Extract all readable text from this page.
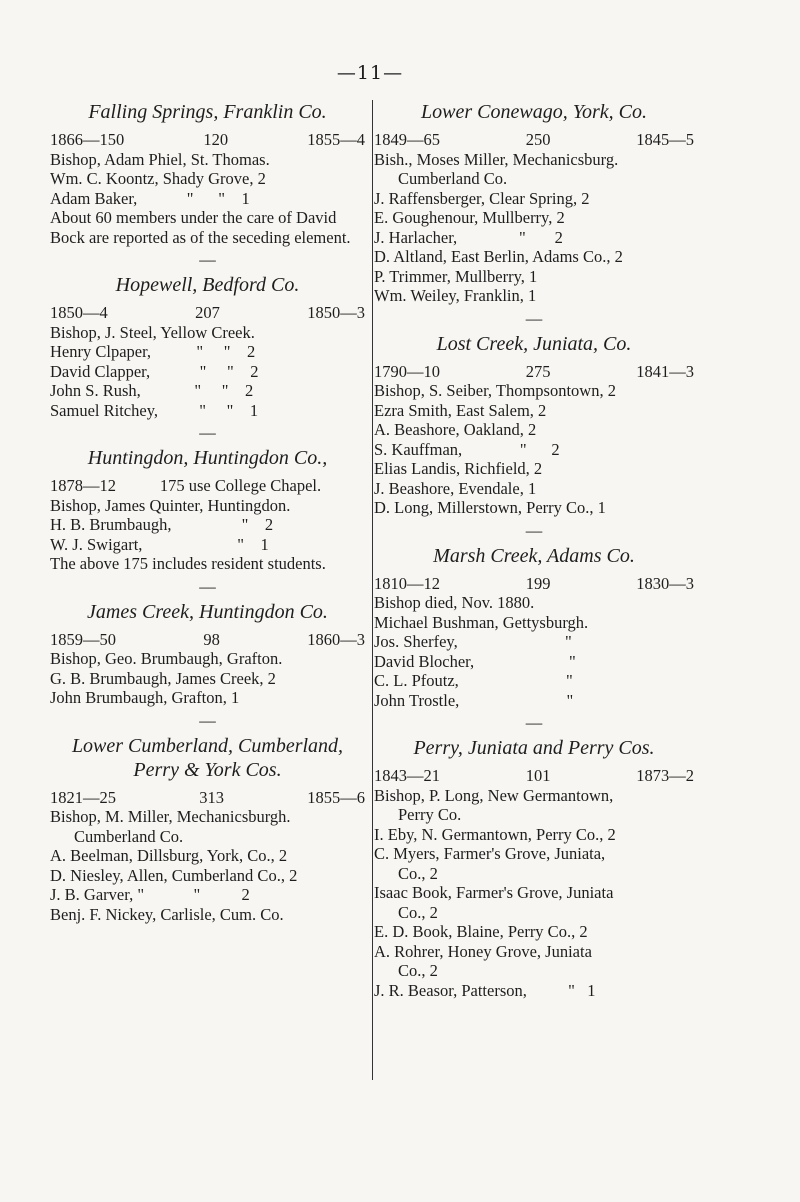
—11—
Falling Springs, Franklin Co.
1866—150	120	1855—4
Bishop, Adam Phiel, St. Thomas.
Wm. C. Koontz, Shady Grove, 2
Adam Baker,            "      "    1
About 60 members under the care of David Bock are reported as of the seceding element.
—
Hopewell, Bedford Co.
1850—4	207	1850—3
Bishop, J. Steel, Yellow Creek.
Henry Clpaper,           "     "    2
David Clapper,            "     "    2
John S. Rush,             "     "    2
Samuel Ritchey,          "     "    1
—
Huntingdon, Huntingdon Co.,
1878—12	175 use College Chapel.
Bishop, James Quinter, Huntingdon.
H. B. Brumbaugh,                 "    2
W. J. Swigart,                       "    1
The above 175 includes resident students.
—
James Creek, Huntingdon Co.
1859—50	98	1860—3
Bishop, Geo. Brumbaugh, Grafton.
G. B. Brumbaugh, James Creek, 2
John Brumbaugh, Grafton, 1
—
Lower Cumberland, Cumberland, Perry & York Cos.
1821—25	313	1855—6
Bishop, M. Miller, Mechanicsburgh.
Cumberland Co.
A. Beelman, Dillsburg, York, Co., 2
D. Niesley, Allen, Cumberland Co., 2
J. B. Garver, "            "          2
Benj. F. Nickey, Carlisle, Cum. Co.
Lower Conewago, York, Co.
1849—65	250	1845—5
Bish., Moses Miller, Mechanicsburg.
Cumberland Co.
J. Raffensberger, Clear Spring, 2
E. Goughenour, Mullberry, 2
J. Harlacher,               "       2
D. Altland, East Berlin, Adams Co., 2
P. Trimmer, Mullberry, 1
Wm. Weiley, Franklin, 1
—
Lost Creek, Juniata, Co.
1790—10	275	1841—3
Bishop, S. Seiber, Thompsontown, 2
Ezra Smith, East Salem, 2
A. Beashore, Oakland, 2
S. Kauffman,              "      2
Elias Landis, Richfield, 2
J. Beashore, Evendale, 1
D. Long, Millerstown, Perry Co., 1
—
Marsh Creek, Adams Co.
1810—12	199	1830—3
Bishop died, Nov. 1880.
Michael Bushman, Gettysburgh.
Jos. Sherfey,                          "
David Blocher,                       "
C. L. Pfoutz,                          "
John Trostle,                          "
—
Perry, Juniata and Perry Cos.
1843—21	101	1873—2
Bishop, P. Long, New Germantown,
Perry Co.
I. Eby, N. Germantown, Perry Co., 2
C. Myers, Farmer's Grove, Juniata,
Co., 2
Isaac Book, Farmer's Grove, Juniata
Co., 2
E. D. Book, Blaine, Perry Co., 2
A. Rohrer, Honey Grove, Juniata
Co., 2
J. R. Beasor, Patterson,          "   1
